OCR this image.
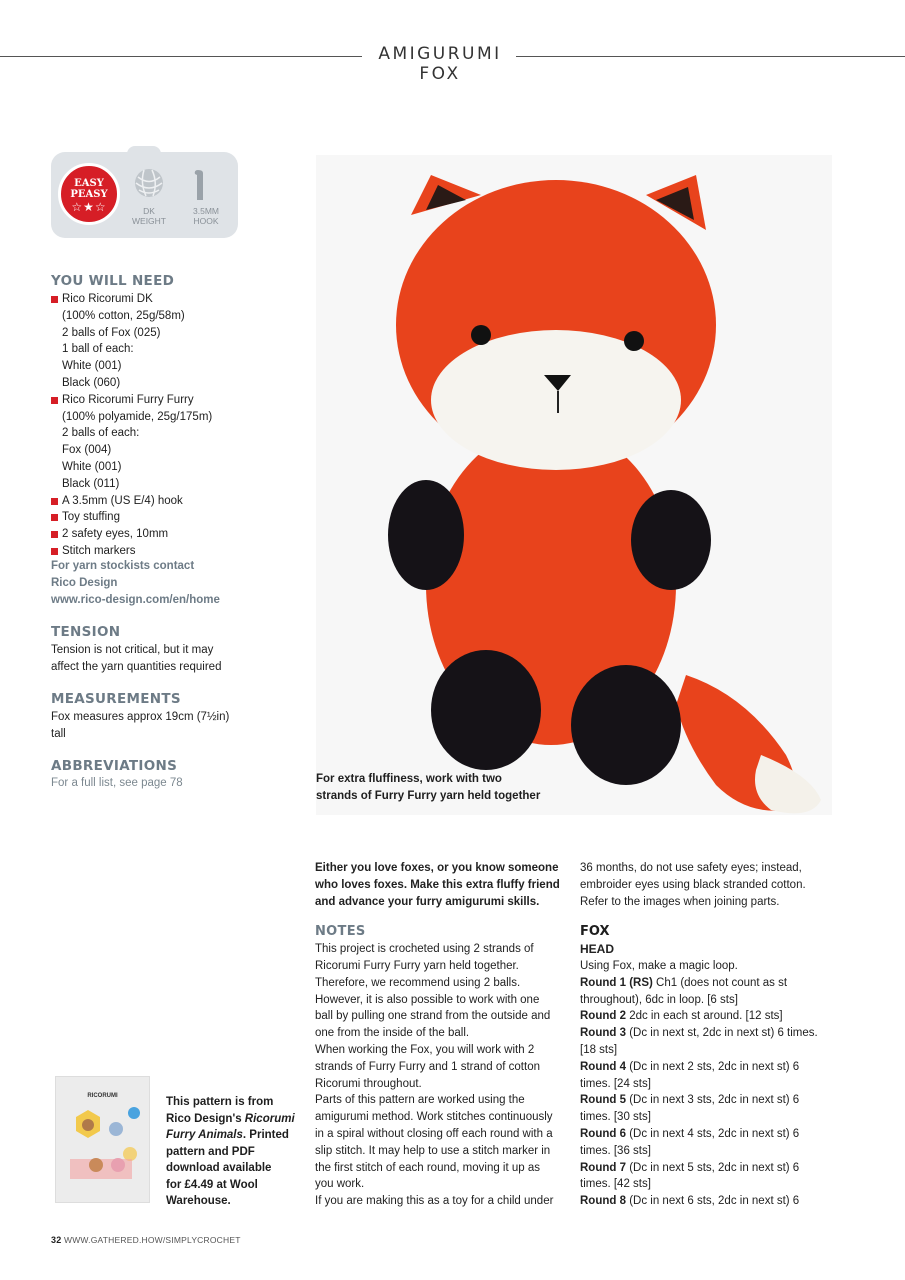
AMIGURUMI FOX
EASY
PEASY
☆★☆	DK
WEIGHT
3.5MM
HOOK
YOU WILL NEED
Rico Ricorumi DK
(100% cotton, 25g/58m)
2 balls of Fox (025)
1 ball of each:
White (001)
Black (060)
Rico Ricorumi Furry Furry
(100% polyamide, 25g/175m)
2 balls of each:
Fox (004)
White (001)
Black (011)
A 3.5mm (US E/4) hook
Toy stuffing
2 safety eyes, 10mm
Stitch markers
For yarn stockists contact
Rico Design
www.rico-design.com/en/home
TENSION
Tension is not critical, but it may
affect the yarn quantities required
MEASUREMENTS
Fox measures approx 19cm (7½in)
tall
ABBREVIATIONS
For a full list, see page 78	For extra fluffiness, work with two
strands of Furry Furry yarn held together
Either you love foxes, or you know someone
who loves foxes. Make this extra fluffy friend
and advance your furry amigurumi skills.
NOTES
This project is crocheted using 2 strands of
Ricorumi Furry Furry yarn held together.
Therefore, we recommend using 2 balls.
However, it is also possible to work with one
ball by pulling one strand from the outside and
one from the inside of the ball.
When working the Fox, you will work with 2
strands of Furry Furry and 1 strand of cotton
Ricorumi throughout.
Parts of this pattern are worked using the
amigurumi method. Work stitches continuously
in a spiral without closing off each round with a
slip stitch. It may help to use a stitch marker in
the first stitch of each round, moving it up as
you work.
If you are making this as a toy for a child under
36 months, do not use safety eyes; instead,
embroider eyes using black stranded cotton.
Refer to the images when joining parts.
FOX
HEAD
Using Fox, make a magic loop.
Round 1 (RS) Ch1 (does not count as st
throughout), 6dc in loop. [6 sts]
Round 2 2dc in each st around. [12 sts]
Round 3 (Dc in next st, 2dc in next st) 6 times.
[18 sts]
Round 4 (Dc in next 2 sts, 2dc in next st) 6
times. [24 sts]
Round 5 (Dc in next 3 sts, 2dc in next st) 6
times. [30 sts]
Round 6 (Dc in next 4 sts, 2dc in next st) 6
times. [36 sts]
Round 7 (Dc in next 5 sts, 2dc in next st) 6
times. [42 sts]
Round 8 (Dc in next 6 sts, 2dc in next st) 6
RICORUMI	This pattern is from
Rico Design's Ricorumi
Furry Animals. Printed
pattern and PDF
download available
for £4.49 at Wool
Warehouse.
32 WWW.GATHERED.HOW/SIMPLYCROCHET
